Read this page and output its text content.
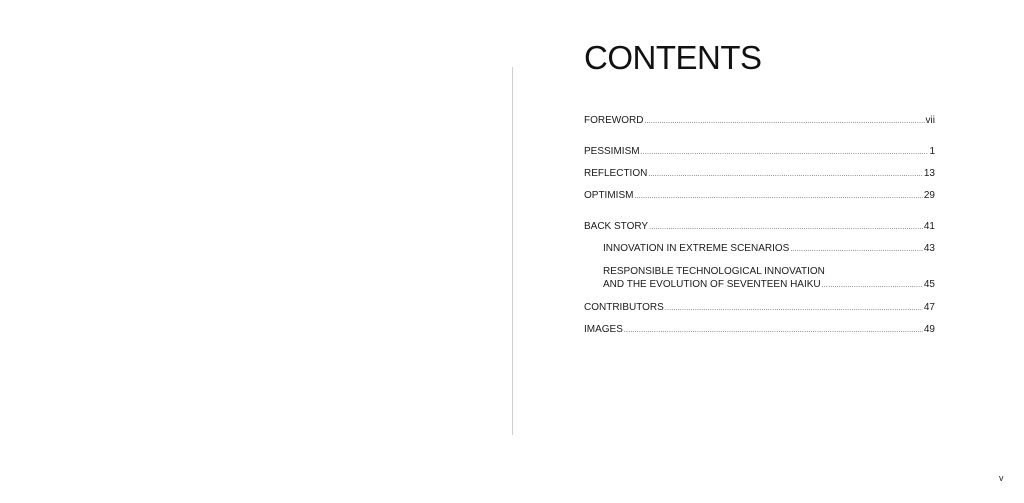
CONTENTS
FOREWORD .....	vii
PESSIMISM .....	1
REFLECTION .....	13
OPTIMISM .....	29
BACK STORY .....	41
INNOVATION IN EXTREME SCENARIOS .....	43
RESPONSIBLE TECHNOLOGICAL INNOVATION
AND THE EVOLUTION OF SEVENTEEN HAIKU .....	45
CONTRIBUTORS .....	47
IMAGES .....	49
v
